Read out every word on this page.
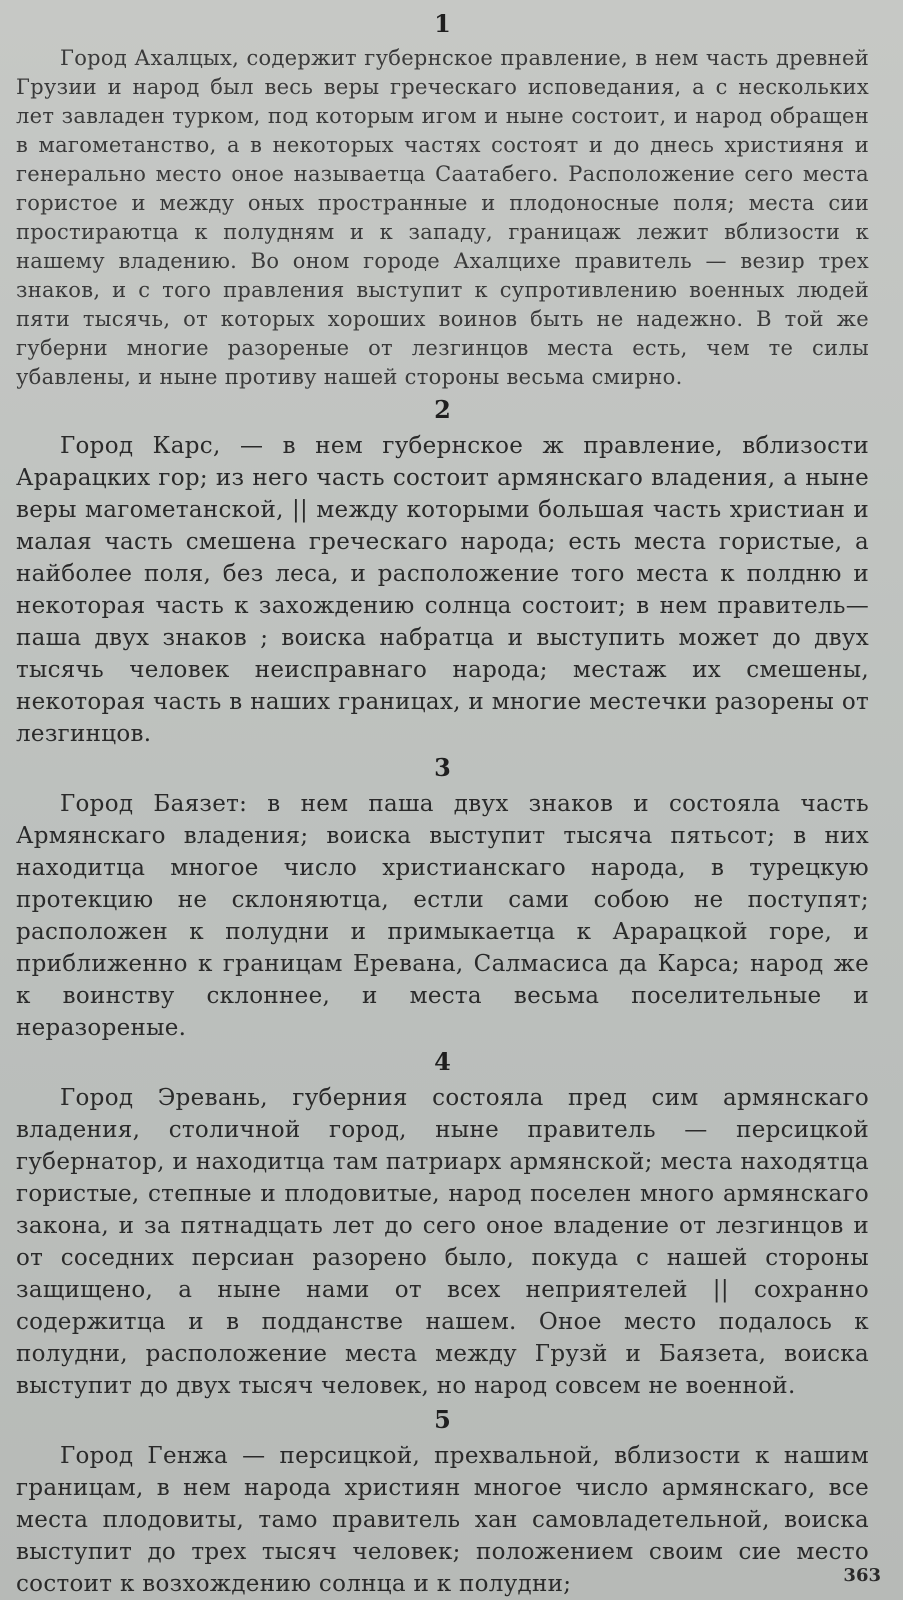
1

Город Ахалцых, содержит губернское правление, в нем часть древней Грузии и народ был весь веры греческаго исповедания, а с нескольких лет завладен турком, под которым игом и ныне состоит, и народ обращен в магометанство, а в некоторых частях состоят и до днесь християня и генерально место оное называетца Саатабего. Расположение сего места гористое и между оных пространные и плодоносные поля; места сии простираютца к полудням и к западу, границаж лежит вблизости к нашему владению. Во оном городе Ахалцихе правитель — везир трех знаков, и с того правления выступит к супротивлению военных людей пяти тысячь, от которых хороших воинов быть не надежно. В той же губерни многие разореные от лезгинцов места есть, чем те силы убавлены, и ныне противу нашей стороны весьма смирно.

2

Город Карс, — в нем губернское ж правление, вблизости Арарацких гор; из него часть состоит армянскаго владения, а ныне веры магометанской, || между которыми большая часть христиан и малая часть смешена греческаго народа; есть места гористые, а найболее поля, без леса, и расположение того места к полдню и некоторая часть к захождению солнца состоит; в нем правитель—паша двух знаков ; воиска набратца и выступить может до двух тысячь человек неисправнаго народа; местаж их смешены, некоторая часть в наших границах, и многие местечки разорены от лезгинцов.

3

Город Баязет: в нем паша двух знаков и состояла часть Армянскаго владения; воиска выступит тысяча пятьсот; в них находитца многое число христианскаго народа, в турецкую протекцию не склоняютца, естли сами собою не поступят; расположен к полудни и примыкаетца к Арарацкой горе, и приближенно к границам Еревана, Салмасиса да Карса; народ же к воинству склоннее, и места весьма поселительные и неразореные.

4

Город Эревань, губерния состояла пред сим армянскаго владения, столичной город, ныне правитель — персицкой губернатор, и находитца там патриарх армянской; места находятца гористые, степные и плодовитые, народ поселен много армянскаго закона, и за пятнадцать лет до сего оное владение от лезгинцов и от соседних персиан разорено было, покуда с нашей стороны защищено, а ныне нами от всех неприятелей || сохранно содержитца и в подданстве нашем. Оное место подалось к полудни, расположение места между Грузй и Баязета, воиска выступит до двух тысяч человек, но народ совсем не военной.

5

Город Генжа — персицкой, прехвальной, вблизости к нашим границам, в нем народа християн многое число армянскаго, все места плодовиты, тамо правитель хан самовладетельной, воиска выступит до трех тысяч человек; положением своим сие место состоит к возхождению солнца и к полудни;	363
